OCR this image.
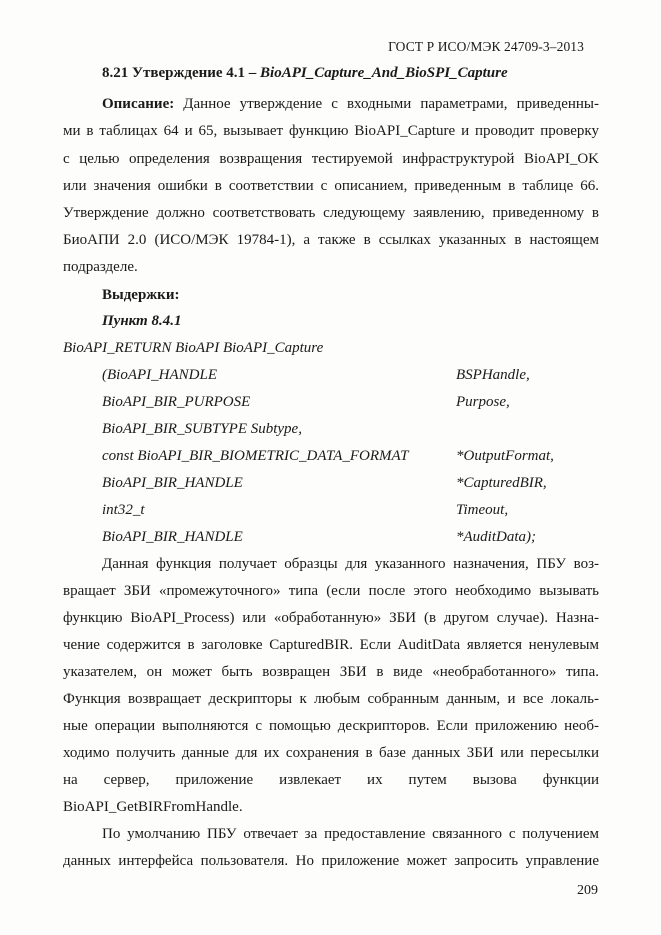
ГОСТ Р ИСО/МЭК 24709-3–2013
8.21 Утверждение 4.1 – BioAPI_Capture_And_BioSPI_Capture
Описание: Данное утверждение с входными параметрами, приведенны-
ми в таблицах 64 и 65, вызывает функцию BioAPI_Capture и проводит проверку
с целью определения возвращения тестируемой инфраструктурой BioAPI_OK
или значения ошибки в соответствии с описанием, приведенным в таблице 66.
Утверждение должно соответствовать следующему заявлению, приведенному в
БиоАПИ 2.0 (ИСО/МЭК 19784-1), а также в ссылках указанных в настоящем
подразделе.
Выдержки:
Пункт 8.4.1
BioAPI_RETURN BioAPI BioAPI_Capture
(BioAPI_HANDLE	BSPHandle,
BioAPI_BIR_PURPOSE	Purpose,
BioAPI_BIR_SUBTYPE Subtype,
const BioAPI_BIR_BIOMETRIC_DATA_FORMAT	*OutputFormat,
BioAPI_BIR_HANDLE	*CapturedBIR,
int32_t	Timeout,
BioAPI_BIR_HANDLE	*AuditData);
Данная функция получает образцы для указанного назначения, ПБУ воз-
вращает ЗБИ «промежуточного» типа (если после этого необходимо вызывать
функцию BioAPI_Process) или «обработанную» ЗБИ (в другом случае). Назна-
чение содержится в заголовке CapturedBIR. Если AuditData является ненулевым
указателем, он может быть возвращен ЗБИ в виде «необработанного» типа.
Функция возвращает дескрипторы к любым собранным данным, и все локаль-
ные операции выполняются с помощью дескрипторов. Если приложению необ-
ходимо получить данные для их сохранения в базе данных ЗБИ или пересылки
на сервер, приложение извлекает их путем вызова функции
BioAPI_GetBIRFromHandle.
По умолчанию ПБУ отвечает за предоставление связанного с получением
данных интерфейса пользователя. Но приложение может запросить управление
209
